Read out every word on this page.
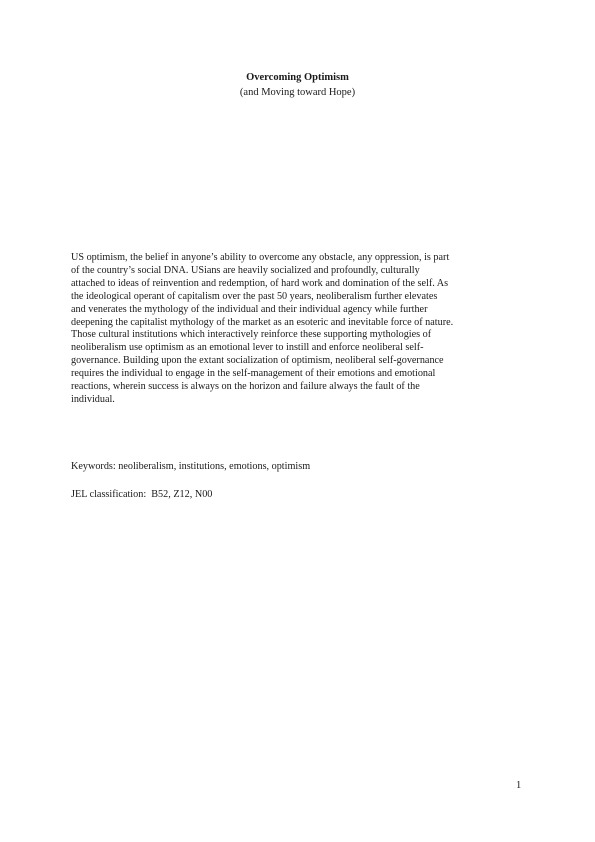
Overcoming Optimism
(and Moving toward Hope)
US optimism, the belief in anyone’s ability to overcome any obstacle, any oppression, is part
of the country’s social DNA. USians are heavily socialized and profoundly, culturally
attached to ideas of reinvention and redemption, of hard work and domination of the self. As
the ideological operant of capitalism over the past 50 years, neoliberalism further elevates
and venerates the mythology of the individual and their individual agency while further
deepening the capitalist mythology of the market as an esoteric and inevitable force of nature.
Those cultural institutions which interactively reinforce these supporting mythologies of
neoliberalism use optimism as an emotional lever to instill and enforce neoliberal self-
governance. Building upon the extant socialization of optimism, neoliberal self-governance
requires the individual to engage in the self-management of their emotions and emotional
reactions, wherein success is always on the horizon and failure always the fault of the
individual.
Keywords: neoliberalism, institutions, emotions, optimism
JEL classification:  B52, Z12, N00
1
